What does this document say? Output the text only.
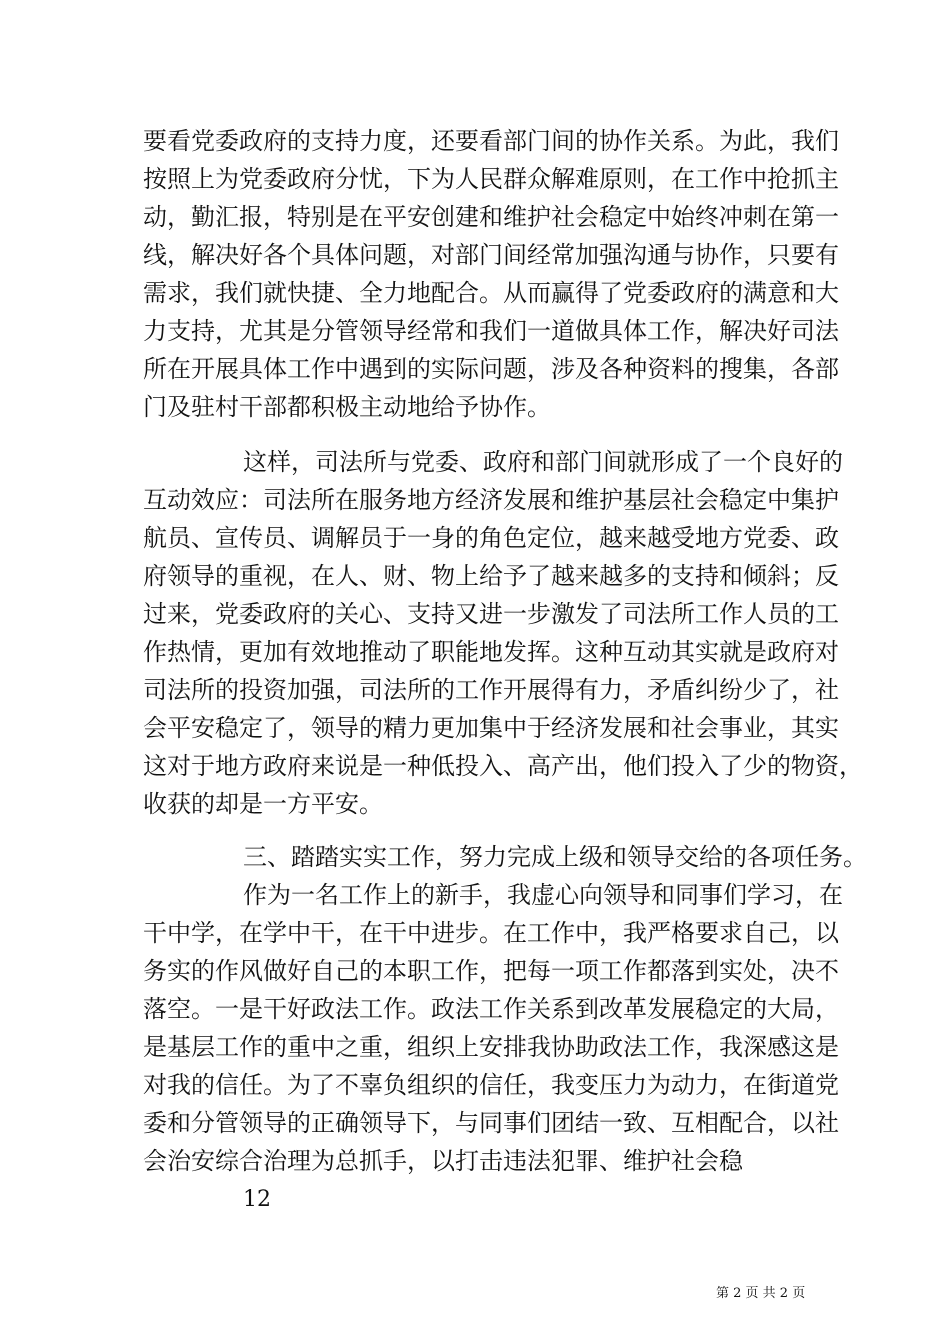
要看党委政府的支持力度，还要看部门间的协作关系。为此，我们
按照上为党委政府分忧，下为人民群众解难原则，在工作中抢抓主
动，勤汇报，特别是在平安创建和维护社会稳定中始终冲刺在第一
线，解决好各个具体问题，对部门间经常加强沟通与协作，只要有
需求，我们就快捷、全力地配合。从而赢得了党委政府的满意和大
力支持，尤其是分管领导经常和我们一道做具体工作，解决好司法
所在开展具体工作中遇到的实际问题，涉及各种资料的搜集，各部
门及驻村干部都积极主动地给予协作。
这样，司法所与党委、政府和部门间就形成了一个良好的
互动效应：司法所在服务地方经济发展和维护基层社会稳定中集护
航员、宣传员、调解员于一身的角色定位，越来越受地方党委、政
府领导的重视，在人、财、物上给予了越来越多的支持和倾斜；反
过来，党委政府的关心、支持又进一步激发了司法所工作人员的工
作热情，更加有效地推动了职能地发挥。这种互动其实就是政府对
司法所的投资加强，司法所的工作开展得有力，矛盾纠纷少了，社
会平安稳定了，领导的精力更加集中于经济发展和社会事业，其实
这对于地方政府来说是一种低投入、高产出，他们投入了少的物资，
收获的却是一方平安。
三、踏踏实实工作，努力完成上级和领导交给的各项任务。
作为一名工作上的新手，我虚心向领导和同事们学习，在
干中学，在学中干，在干中进步。在工作中，我严格要求自己，以
务实的作风做好自己的本职工作，把每一项工作都落到实处，决不
落空。一是干好政法工作。政法工作关系到改革发展稳定的大局，
是基层工作的重中之重，组织上安排我协助政法工作，我深感这是
对我的信任。为了不辜负组织的信任，我变压力为动力，在街道党
委和分管领导的正确领导下，与同事们团结一致、互相配合，以社
会治安综合治理为总抓手，以打击违法犯罪、维护社会稳
12
第 2 页 共 2 页
